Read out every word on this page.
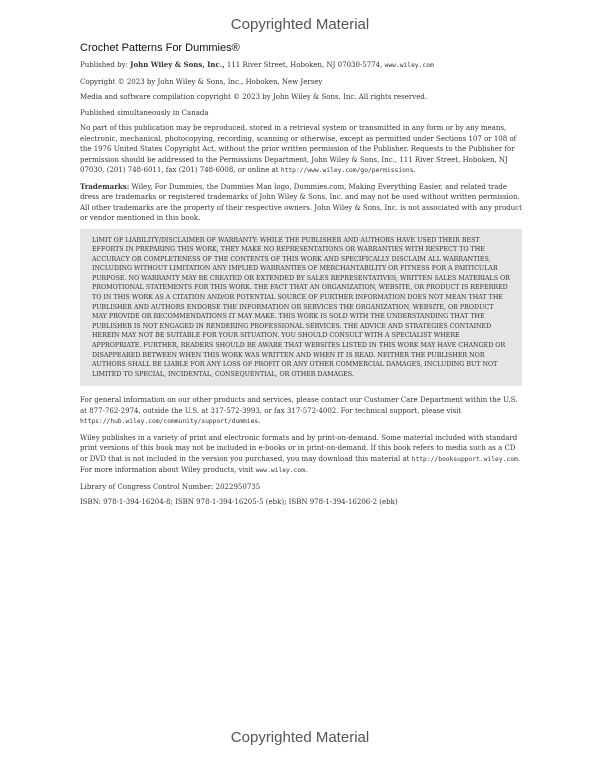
Copyrighted Material
Crochet Patterns For Dummies®

Published by: John Wiley & Sons, Inc., 111 River Street, Hoboken, NJ 07030-5774, www.wiley.com

Copyright © 2023 by John Wiley & Sons, Inc., Hoboken, New Jersey

Media and software compilation copyright © 2023 by John Wiley & Sons, Inc. All rights reserved.

Published simultaneously in Canada

No part of this publication may be reproduced, stored in a retrieval system or transmitted in any form or by any means, electronic, mechanical, photocopying, recording, scanning or otherwise, except as permitted under Sections 107 or 108 of the 1976 United States Copyright Act, without the prior written permission of the Publisher. Requests to the Publisher for permission should be addressed to the Permissions Department, John Wiley & Sons, Inc., 111 River Street, Hoboken, NJ 07030, (201) 748-6011, fax (201) 748-6008, or online at http://www.wiley.com/go/permissions.

Trademarks: Wiley, For Dummies, the Dummies Man logo, Dummies.com, Making Everything Easier, and related trade dress are trademarks or registered trademarks of John Wiley & Sons, Inc. and may not be used without written permission. All other trademarks are the property of their respective owners. John Wiley & Sons, Inc. is not associated with any product or vendor mentioned in this book.

LIMIT OF LIABILITY/DISCLAIMER OF WARRANTY: WHILE THE PUBLISHER AND AUTHORS HAVE USED THEIR BEST EFFORTS IN PREPARING THIS WORK, THEY MAKE NO REPRESENTATIONS OR WARRANTIES WITH RESPECT TO THE ACCURACY OR COMPLETENESS OF THE CONTENTS OF THIS WORK AND SPECIFICALLY DISCLAIM ALL WARRANTIES, INCLUDING WITHOUT LIMITATION ANY IMPLIED WARRANTIES OF MERCHANTABILITY OR FITNESS FOR A PARTICULAR PURPOSE. NO WARRANTY MAY BE CREATED OR EXTENDED BY SALES REPRESENTATIVES, WRITTEN SALES MATERIALS OR PROMOTIONAL STATEMENTS FOR THIS WORK. THE FACT THAT AN ORGANIZATION, WEBSITE, OR PRODUCT IS REFERRED TO IN THIS WORK AS A CITATION AND/OR POTENTIAL SOURCE OF FURTHER INFORMATION DOES NOT MEAN THAT THE PUBLISHER AND AUTHORS ENDORSE THE INFORMATION OR SERVICES THE ORGANIZATION, WEBSITE, OR PRODUCT MAY PROVIDE OR RECOMMENDATIONS IT MAY MAKE. THIS WORK IS SOLD WITH THE UNDERSTANDING THAT THE PUBLISHER IS NOT ENGAGED IN RENDERING PROFESSIONAL SERVICES. THE ADVICE AND STRATEGIES CONTAINED HEREIN MAY NOT BE SUITABLE FOR YOUR SITUATION. YOU SHOULD CONSULT WITH A SPECIALIST WHERE APPROPRIATE. FURTHER, READERS SHOULD BE AWARE THAT WEBSITES LISTED IN THIS WORK MAY HAVE CHANGED OR DISAPPEARED BETWEEN WHEN THIS WORK WAS WRITTEN AND WHEN IT IS READ. NEITHER THE PUBLISHER NOR AUTHORS SHALL BE LIABLE FOR ANY LOSS OF PROFIT OR ANY OTHER COMMERCIAL DAMAGES, INCLUDING BUT NOT LIMITED TO SPECIAL, INCIDENTAL, CONSEQUENTIAL, OR OTHER DAMAGES.

For general information on our other products and services, please contact our Customer Care Department within the U.S. at 877-762-2974, outside the U.S. at 317-572-3993, or fax 317-572-4002. For technical support, please visit https://hub.wiley.com/community/support/dummies.

Wiley publishes in a variety of print and electronic formats and by print-on-demand. Some material included with standard print versions of this book may not be included in e-books or in print-on-demand. If this book refers to media such as a CD or DVD that is not included in the version you purchased, you may download this material at http://booksupport.wiley.com. For more information about Wiley products, visit www.wiley.com.

Library of Congress Control Number: 2022950735

ISBN: 978-1-394-16204-8; ISBN 978-1-394-16205-5 (ebk); ISBN 978-1-394-16206-2 (ebk)

Copyrighted Material
